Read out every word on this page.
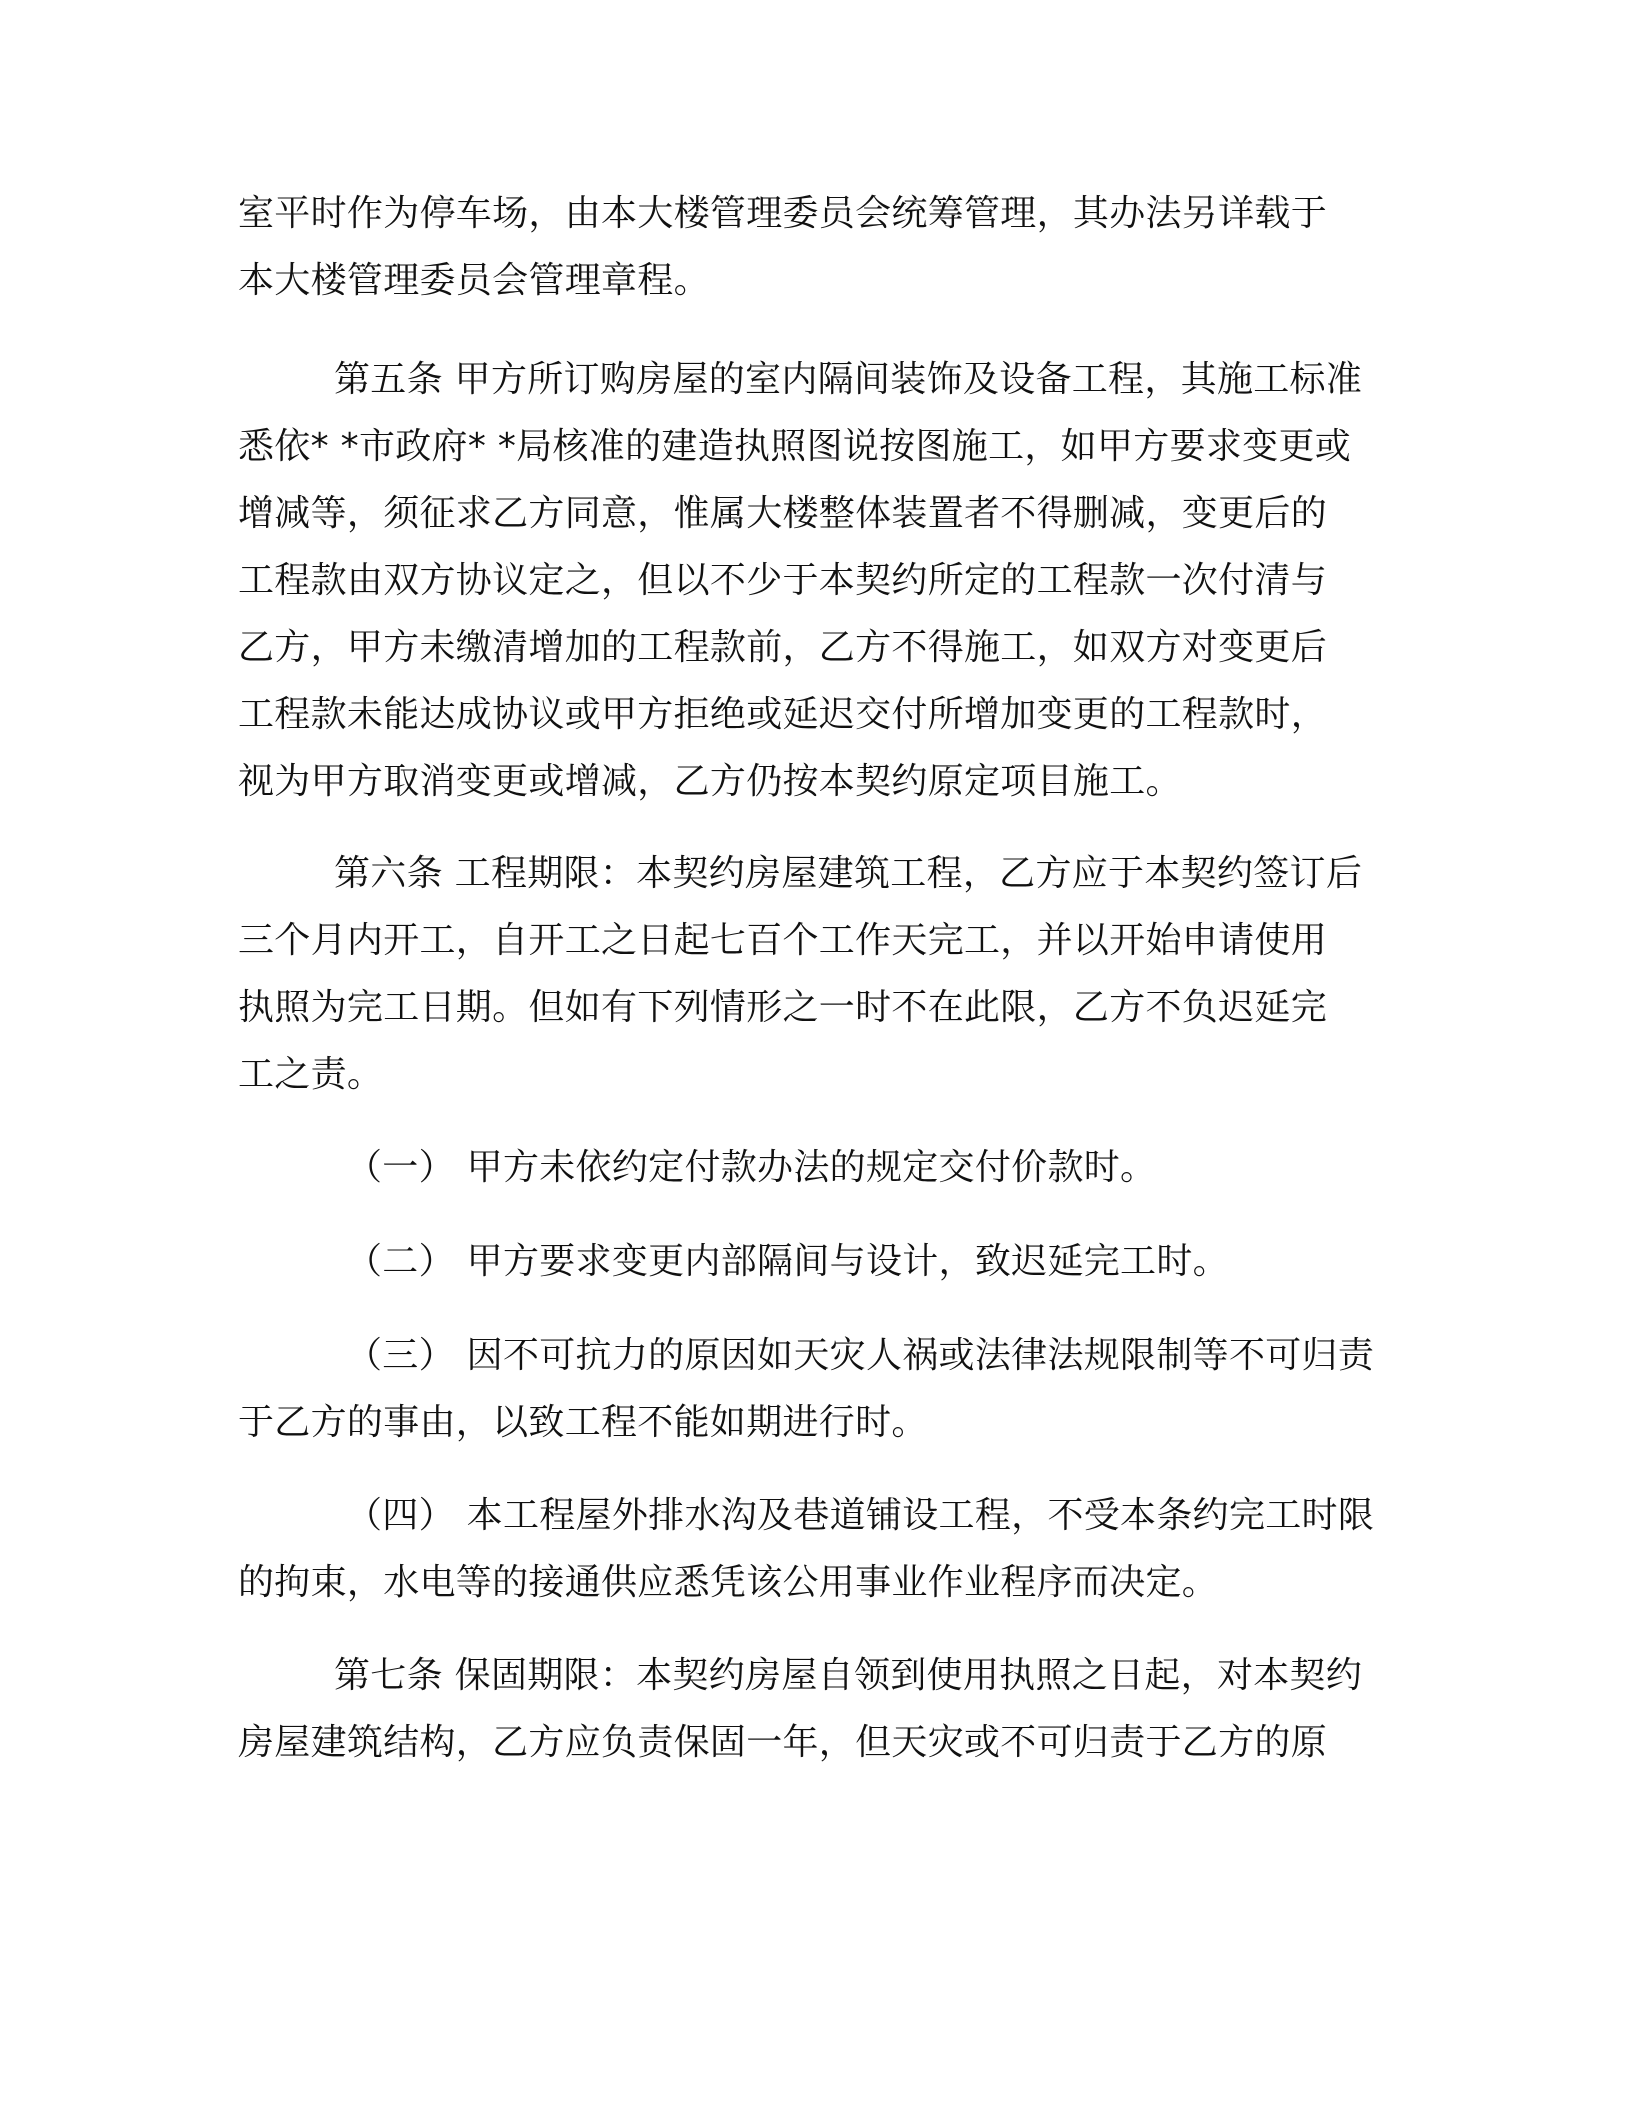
室平时作为停车场，由本大楼管理委员会统筹管理，其办法另详载于
本大楼管理委员会管理章程。
第五条 甲方所订购房屋的室内隔间装饰及设备工程，其施工标准
悉依* *市政府* *局核准的建造执照图说按图施工，如甲方要求变更或
增减等，须征求乙方同意，惟属大楼整体装置者不得删减，变更后的
工程款由双方协议定之，但以不少于本契约所定的工程款一次付清与
乙方，甲方未缴清增加的工程款前，乙方不得施工，如双方对变更后
工程款未能达成协议或甲方拒绝或延迟交付所增加变更的工程款时，
视为甲方取消变更或增减，乙方仍按本契约原定项目施工。
第六条 工程期限：本契约房屋建筑工程，乙方应于本契约签订后
三个月内开工，自开工之日起七百个工作天完工，并以开始申请使用
执照为完工日期。但如有下列情形之一时不在此限，乙方不负迟延完
工之责。
（一） 甲方未依约定付款办法的规定交付价款时。
（二） 甲方要求变更内部隔间与设计，致迟延完工时。
（三） 因不可抗力的原因如天灾人祸或法律法规限制等不可归责
于乙方的事由，以致工程不能如期进行时。
（四） 本工程屋外排水沟及巷道铺设工程，不受本条约完工时限
的拘束，水电等的接通供应悉凭该公用事业作业程序而决定。
第七条 保固期限：本契约房屋自领到使用执照之日起，对本契约
房屋建筑结构，乙方应负责保固一年，但天灾或不可归责于乙方的原
